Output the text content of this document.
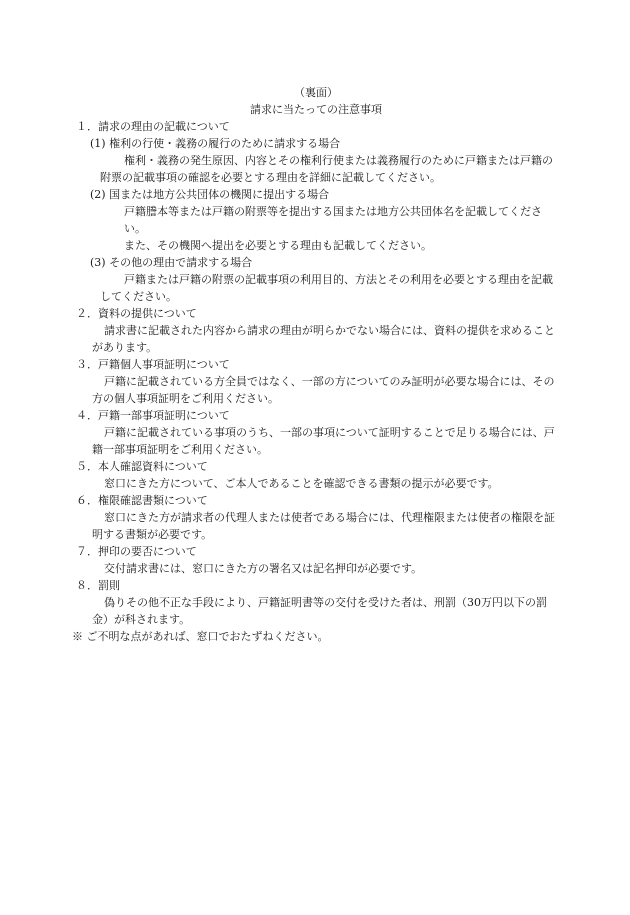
（裏面）

請求に当たっての注意事項

１．請求の理由の記載について

(1) 権利の行使・義務の履行のために請求する場合

権利・義務の発生原因、内容とその権利行使または義務履行のために戸籍または戸籍の附票の記載事項の確認を必要とする理由を詳細に記載してください。

(2) 国または地方公共団体の機関に提出する場合

戸籍謄本等または戸籍の附票等を提出する国または地方公共団体名を記載してください。

また、その機関へ提出を必要とする理由も記載してください。

(3) その他の理由で請求する場合

戸籍または戸籍の附票の記載事項の利用目的、方法とその利用を必要とする理由を記載してください。

２．資料の提供について

請求書に記載された内容から請求の理由が明らかでない場合には、資料の提供を求めることがあります。

３．戸籍個人事項証明について

戸籍に記載されている方全員ではなく、一部の方についてのみ証明が必要な場合には、その方の個人事項証明をご利用ください。

４．戸籍一部事項証明について

戸籍に記載されている事項のうち、一部の事項について証明することで足りる場合には、戸籍一部事項証明をご利用ください。

５．本人確認資料について

窓口にきた方について、ご本人であることを確認できる書類の提示が必要です。

６．権限確認書類について

窓口にきた方が請求者の代理人または使者である場合には、代理権限または使者の権限を証明する書類が必要です。

７．押印の要否について

交付請求書には、窓口にきた方の署名又は記名押印が必要です。

８．罰則

偽りその他不正な手段により、戸籍証明書等の交付を受けた者は、刑罰（30万円以下の罰金）が科されます。

※ ご不明な点があれば、窓口でおたずねください。
